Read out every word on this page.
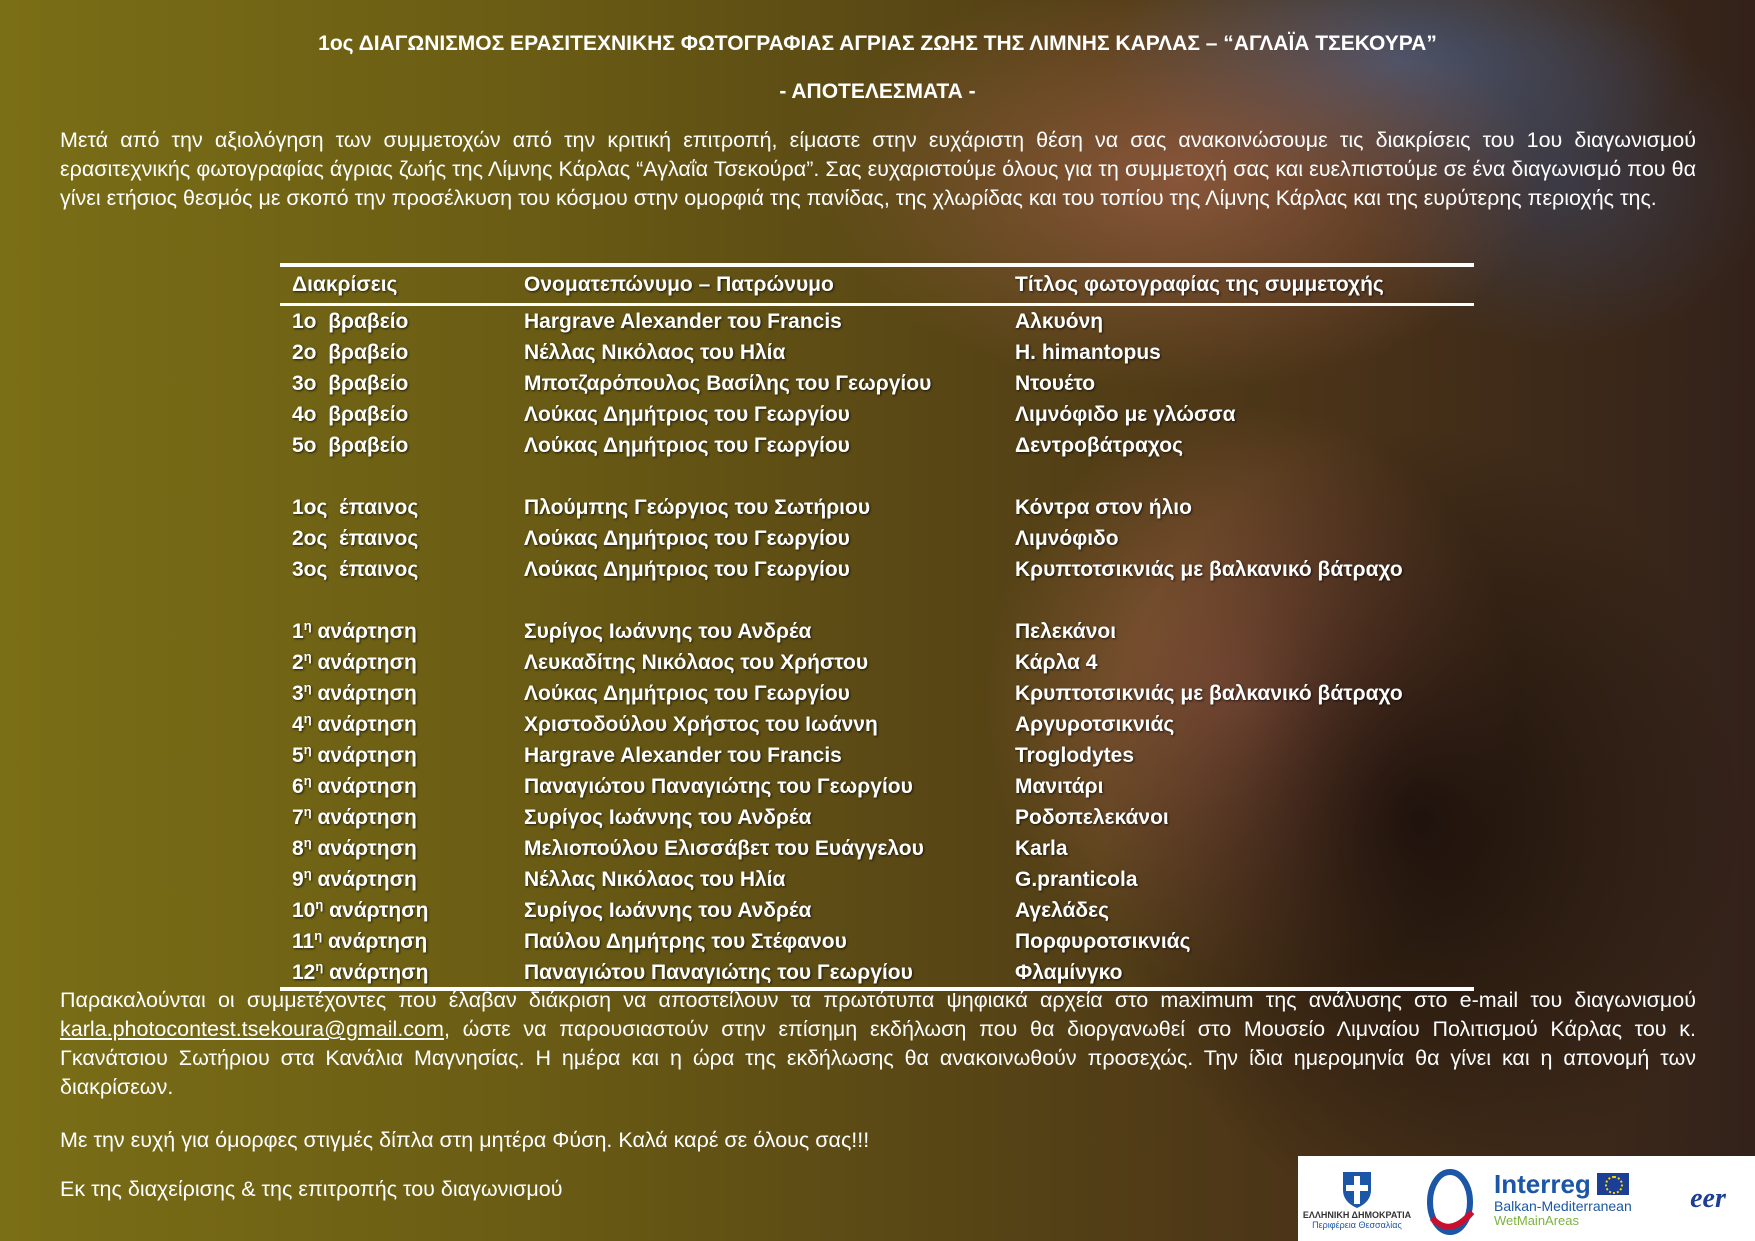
1ος ΔΙΑΓΩΝΙΣΜΟΣ ΕΡΑΣΙΤΕΧΝΙΚΗΣ ΦΩΤΟΓΡΑΦΙΑΣ ΑΓΡΙΑΣ ΖΩΗΣ ΤΗΣ ΛΙΜΝΗΣ ΚΑΡΛΑΣ – “ΑΓΛΑΪΑ ΤΣΕΚΟΥΡΑ”
- ΑΠΟΤΕΛΕΣΜΑΤΑ -
Μετά από την αξιολόγηση των συμμετοχών από την κριτική επιτροπή, είμαστε στην ευχάριστη θέση να σας ανακοινώσουμε τις διακρίσεις του 1ου διαγωνισμού ερασιτεχνικής φωτογραφίας άγριας ζωής της Λίμνης Κάρλας “Αγλαΐα Τσεκούρα”. Σας ευχαριστούμε όλους για τη συμμετοχή σας και ευελπιστούμε σε ένα διαγωνισμό που θα γίνει ετήσιος θεσμός με σκοπό την προσέλκυση του κόσμου στην ομορφιά της πανίδας, της χλωρίδας και του τοπίου της Λίμνης Κάρλας και της ευρύτερης περιοχής της.
Διακρίσεις	Ονοματεπώνυμο – Πατρώνυμο	Τίτλος φωτογραφίας της συμμετοχής
1ο βραβείο	Hargrave Alexander του Francis	Αλκυόνη
2ο βραβείο	Νέλλας Νικόλαος του Ηλία	H. himantopus
3ο βραβείο	Μποτζαρόπουλος Βασίλης του Γεωργίου	Ντουέτο
4ο βραβείο	Λούκας Δημήτριος του Γεωργίου	Λιμνόφιδο με γλώσσα
5ο βραβείο	Λούκας Δημήτριος του Γεωργίου	Δεντροβάτραχος
1ος έπαινος	Πλούμπης Γεώργιος του Σωτήριου	Κόντρα στον ήλιο
2ος έπαινος	Λούκας Δημήτριος του Γεωργίου	Λιμνόφιδο
3ος έπαινος	Λούκας Δημήτριος του Γεωργίου	Κρυπτοτσικνιάς με βαλκανικό βάτραχο
$1^\eta$ ανάρτηση	Συρίγος Ιωάννης του Ανδρέα	Πελεκάνοι
$2^\eta$ ανάρτηση	Λευκαδίτης Νικόλαος του Χρήστου	Κάρλα 4
$3^\eta$ ανάρτηση	Λούκας Δημήτριος του Γεωργίου	Κρυπτοτσικνιάς με βαλκανικό βάτραχο
$4^\eta$ ανάρτηση	Χριστοδούλου Χρήστος του Ιωάννη	Αργυροτσικνιάς
$5^\eta$ ανάρτηση	Hargrave Alexander του Francis	Troglodytes
$6^\eta$ ανάρτηση	Παναγιώτου Παναγιώτης του Γεωργίου	Μανιτάρι
$7^\eta$ ανάρτηση	Συρίγος Ιωάννης του Ανδρέα	Ροδοπελεκάνοι
$8^\eta$ ανάρτηση	Μελιοπούλου Ελισσάβετ του Ευάγγελου	Karla
$9^\eta$ ανάρτηση	Νέλλας Νικόλαος του Ηλία	G.pranticola
$10^\eta$ ανάρτηση	Συρίγος Ιωάννης του Ανδρέα	Αγελάδες
$11^\eta$ ανάρτηση	Παύλου Δημήτρης του Στέφανου	Πορφυροτσικνιάς
$12^\eta$ ανάρτηση	Παναγιώτου Παναγιώτης του Γεωργίου	Φλαμίνγκο
Παρακαλούνται οι συμμετέχοντες που έλαβαν διάκριση να αποστείλουν τα πρωτότυπα ψηφιακά αρχεία στο maximum της ανάλυσης στο e-mail του διαγωνισμού karla.photocontest.tsekoura@gmail.com, ώστε να παρουσιαστούν στην επίσημη εκδήλωση που θα διοργανωθεί στο Μουσείο Λιμναίου Πολιτισμού Κάρλας του κ. Γκανάτσιου Σωτήριου στα Κανάλια Μαγνησίας. Η ημέρα και η ώρα της εκδήλωσης θα ανακοινωθούν προσεχώς. Την ίδια ημερομηνία θα γίνει και η απονομή των διακρίσεων.
Με την ευχή για όμορφες στιγμές δίπλα στη μητέρα Φύση. Καλά καρέ σε όλους σας!!!
Εκ της διαχείρισης & της επιτροπής του διαγωνισμού
ΕΛΛΗΝΙΚΗ ΔΗΜΟΚΡΑΤΙΑ
Περιφέρεια Θεσσαλίας
Interreg
Balkan-Mediterranean
WetMainAreas
eer
